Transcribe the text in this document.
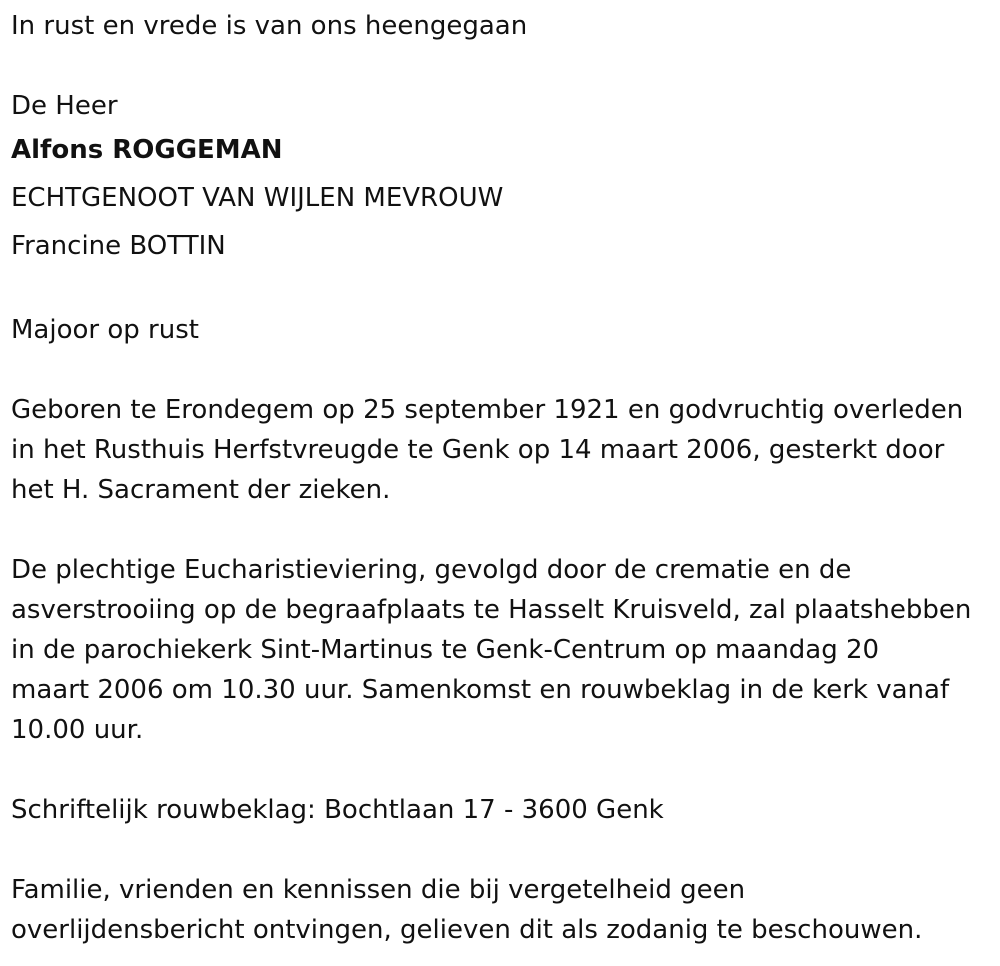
In rust en vrede is van ons heengegaan

De Heer

Alfons ROGGEMAN

ECHTGENOOT VAN WIJLEN MEVROUW

Francine BOTTIN

Majoor op rust

Geboren te Erondegem op 25 september 1921 en godvruchtig overleden

in het Rusthuis Herfstvreugde te Genk op 14 maart 2006, gesterkt door

het H. Sacrament der zieken.

De plechtige Eucharistieviering, gevolgd door de crematie en de

asverstrooiing op de begraafplaats te Hasselt Kruisveld, zal plaatshebben

in de parochiekerk Sint-Martinus te Genk-Centrum op maandag 20

maart 2006 om 10.30 uur. Samenkomst en rouwbeklag in de kerk vanaf

10.00 uur.

Schriftelijk rouwbeklag: Bochtlaan 17 - 3600 Genk

Familie, vrienden en kennissen die bij vergetelheid geen

overlijdensbericht ontvingen, gelieven dit als zodanig te beschouwen.
